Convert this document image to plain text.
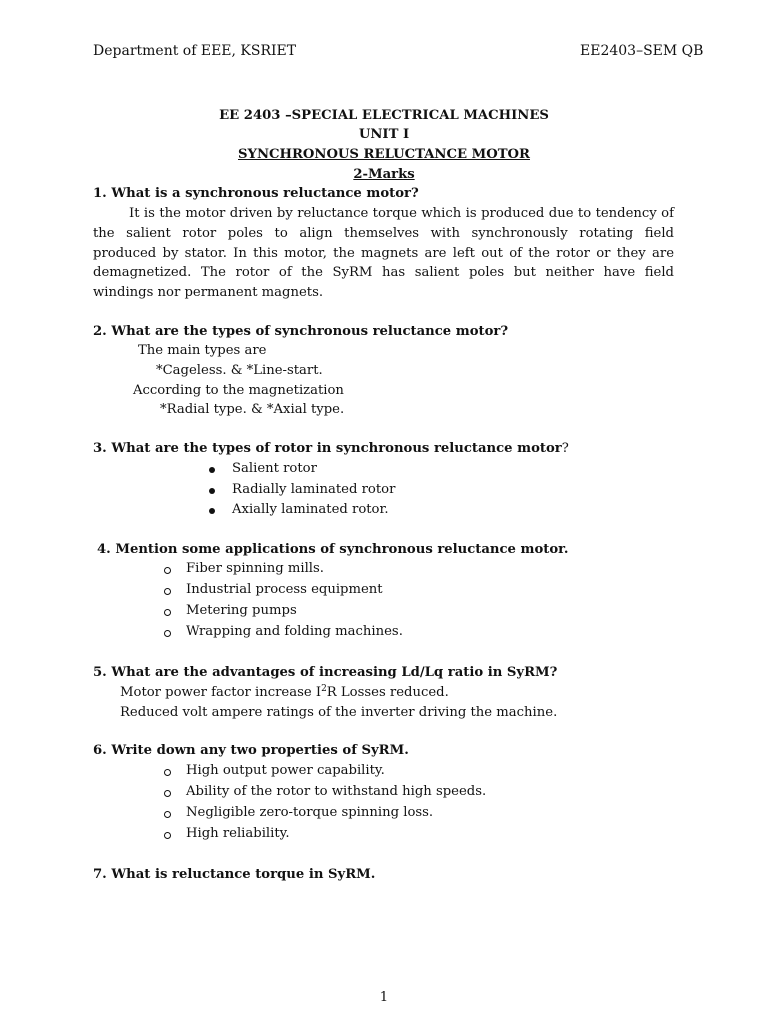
Department of EEE, KSRIET	EE2403–SEM QB
EE 2403 –SPECIAL ELECTRICAL MACHINES
UNIT I
SYNCHRONOUS RELUCTANCE MOTOR
2-Marks
1. What is a synchronous reluctance motor?
It is the motor driven by reluctance torque which is produced due to tendency of
the salient rotor poles to align themselves with synchronously rotating field
produced by stator. In this motor, the magnets are left out of the rotor or they are
demagnetized. The rotor of the SyRM has salient poles but neither have field
windings nor permanent magnets.
2. What are the types of synchronous reluctance motor?
The main types are
*Cageless. & *Line-start.
According to the magnetization
*Radial type. & *Axial type.
3. What are the types of rotor in synchronous reluctance motor?
Salient rotor
Radially laminated rotor
Axially laminated rotor.
4. Mention some applications of synchronous reluctance motor.
Fiber spinning mills.
Industrial process equipment
Metering pumps
Wrapping and folding machines.
5. What are the advantages of increasing Ld/Lq ratio in SyRM?
Motor power factor increase $I^2R$ Losses reduced.
Reduced volt ampere ratings of the inverter driving the machine.
6. Write down any two properties of SyRM.
High output power capability.
Ability of the rotor to withstand high speeds.
Negligible zero-torque spinning loss.
High reliability.
7. What is reluctance torque in SyRM.
1
